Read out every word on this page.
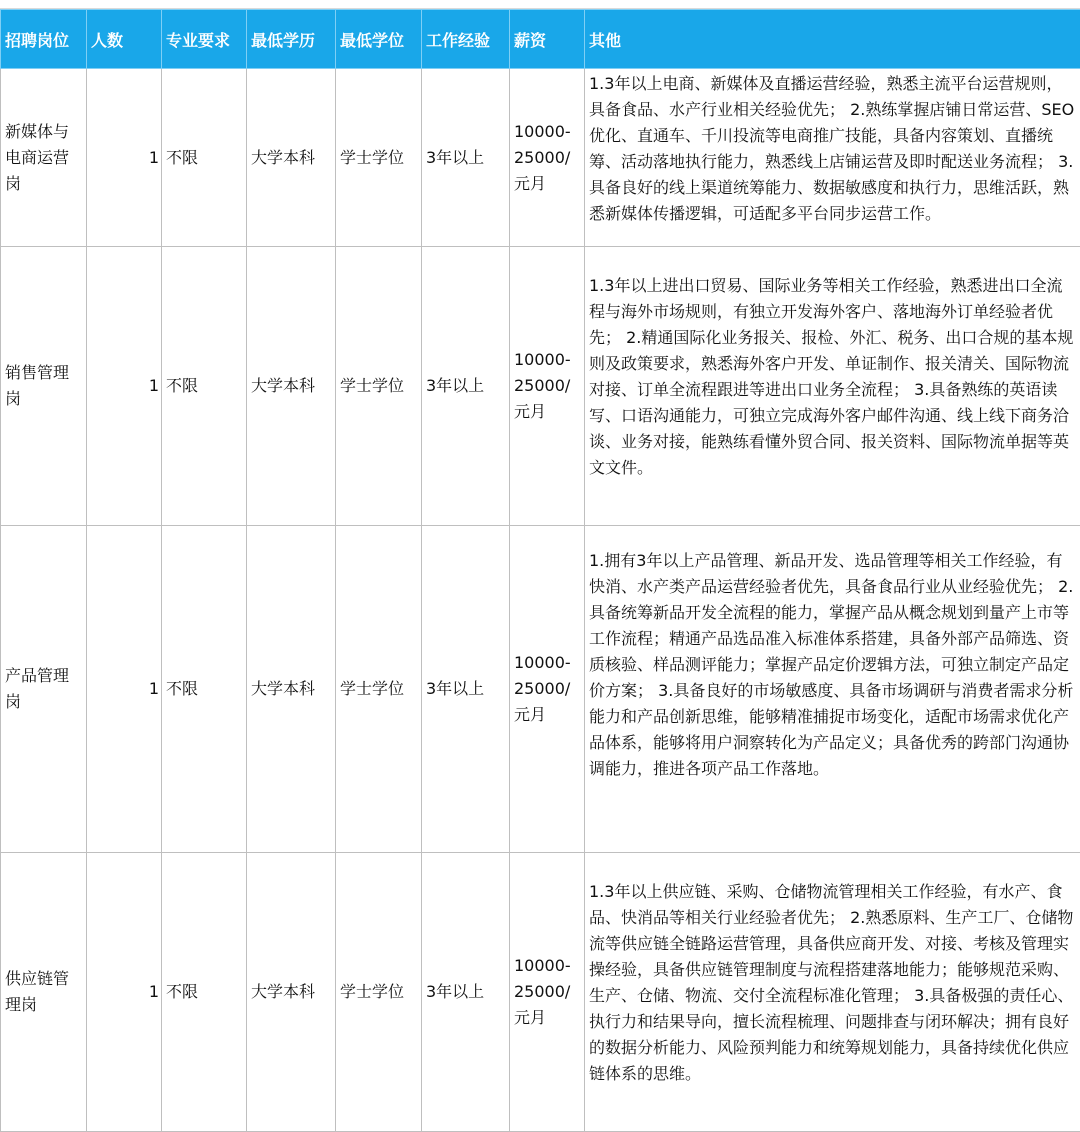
招聘岗位	人数	专业要求	最低学历	最低学位	工作经验	薪资	其他
新媒体与电商运营岗	1	不限	大学本科	学士学位	3年以上	10000-25000/元月	1.3年以上电商、新媒体及直播运营经验，熟悉主流平台运营规则，具备食品、水产行业相关经验优先； 2.熟练掌握店铺日常运营、SEO优化、直通车、千川投流等电商推广技能，具备内容策划、直播统筹、活动落地执行能力，熟悉线上店铺运营及即时配送业务流程； 3.具备良好的线上渠道统筹能力、数据敏感度和执行力，思维活跃，熟悉新媒体传播逻辑，可适配多平台同步运营工作。
销售管理岗	1	不限	大学本科	学士学位	3年以上	10000-25000/元月	1.3年以上进出口贸易、国际业务等相关工作经验，熟悉进出口全流程与海外市场规则，有独立开发海外客户、落地海外订单经验者优先； 2.精通国际化业务报关、报检、外汇、税务、出口合规的基本规则及政策要求，熟悉海外客户开发、单证制作、报关清关、国际物流对接、订单全流程跟进等进出口业务全流程； 3.具备熟练的英语读写、口语沟通能力，可独立完成海外客户邮件沟通、线上线下商务洽谈、业务对接，能熟练看懂外贸合同、报关资料、国际物流单据等英文文件。
产品管理岗	1	不限	大学本科	学士学位	3年以上	10000-25000/元月	1.拥有3年以上产品管理、新品开发、选品管理等相关工作经验，有快消、水产类产品运营经验者优先，具备食品行业从业经验优先； 2.具备统筹新品开发全流程的能力，掌握产品从概念规划到量产上市等工作流程；精通产品选品准入标准体系搭建，具备外部产品筛选、资质核验、样品测评能力；掌握产品定价逻辑方法，可独立制定产品定价方案； 3.具备良好的市场敏感度、具备市场调研与消费者需求分析能力和产品创新思维，能够精准捕捉市场变化，适配市场需求优化产品体系，能够将用户洞察转化为产品定义；具备优秀的跨部门沟通协调能力，推进各项产品工作落地。
供应链管理岗	1	不限	大学本科	学士学位	3年以上	10000-25000/元月	1.3年以上供应链、采购、仓储物流管理相关工作经验，有水产、食品、快消品等相关行业经验者优先； 2.熟悉原料、生产工厂、仓储物流等供应链全链路运营管理，具备供应商开发、对接、考核及管理实操经验，具备供应链管理制度与流程搭建落地能力；能够规范采购、生产、仓储、物流、交付全流程标准化管理； 3.具备极强的责任心、执行力和结果导向，擅长流程梳理、问题排查与闭环解决；拥有良好的数据分析能力、风险预判能力和统筹规划能力，具备持续优化供应链体系的思维。
